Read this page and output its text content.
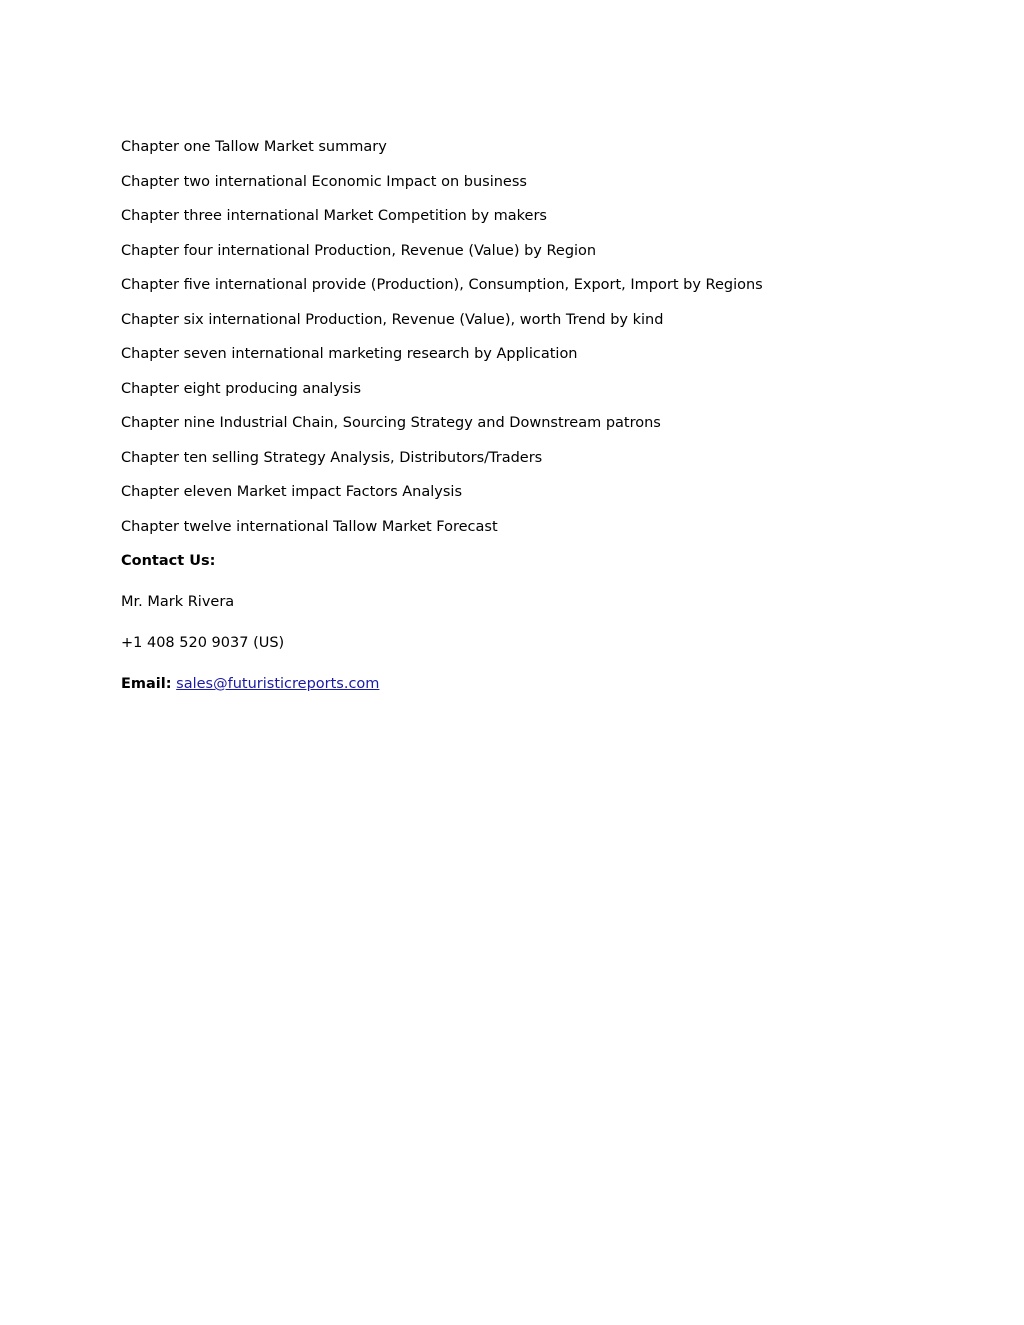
Chapter one Tallow Market summary
Chapter two international Economic Impact on business
Chapter three international Market Competition by makers
Chapter four international Production, Revenue (Value) by Region
Chapter five international provide (Production), Consumption, Export, Import by Regions
Chapter six international Production, Revenue (Value), worth Trend by kind
Chapter seven international marketing research by Application
Chapter eight producing analysis
Chapter nine Industrial Chain, Sourcing Strategy and Downstream patrons
Chapter ten selling Strategy Analysis, Distributors/Traders
Chapter eleven Market impact Factors Analysis
Chapter twelve international Tallow Market Forecast
Contact Us:
Mr. Mark Rivera
+1 408 520 9037 (US)
Email: sales@futuristicreports.com
